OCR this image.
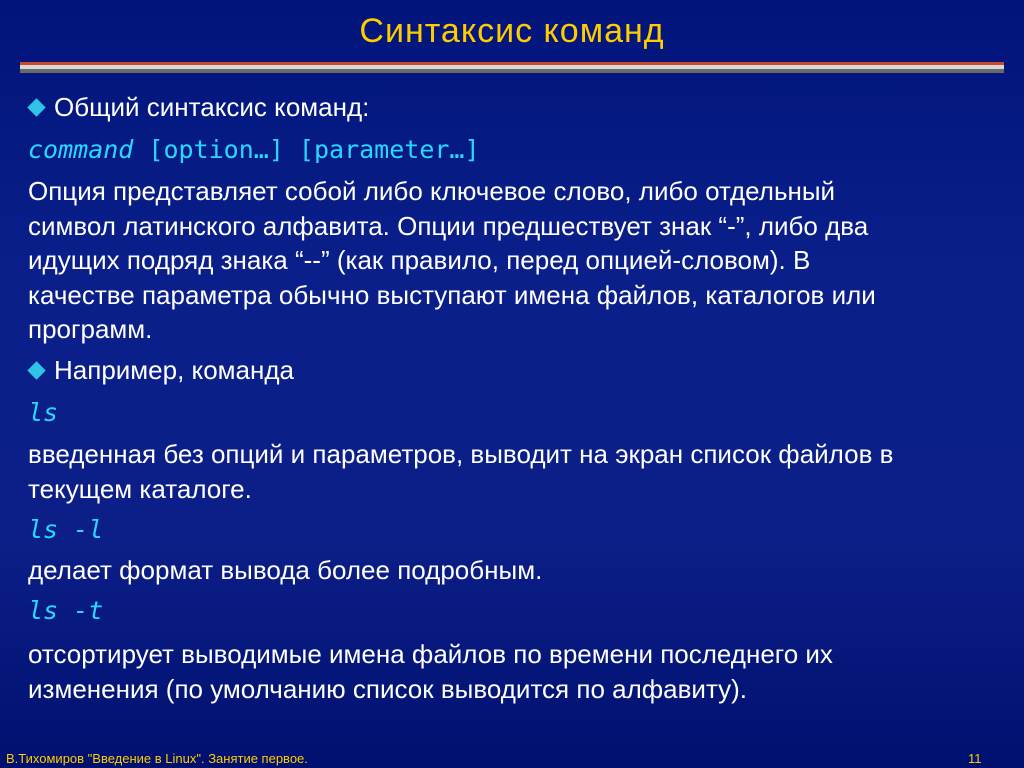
Синтаксис команд
Общий синтаксис команд:
command [option…] [parameter…]
Опция представляет собой либо ключевое слово, либо отдельный
символ латинского алфавита. Опции предшествует знак “-”, либо два
идущих подряд знака “--” (как правило, перед опцией-словом). В
качестве параметра обычно выступают имена файлов, каталогов или
программ.
Например, команда
ls
введенная без опций и параметров, выводит на экран список файлов в
текущем каталоге.
ls -l
делает формат вывода более подробным.
ls -t
отсортирует выводимые имена файлов по времени последнего их
изменения (по умолчанию список выводится по алфавиту).
В.Тихомиров "Введение в Linux". Занятие первое.	11
